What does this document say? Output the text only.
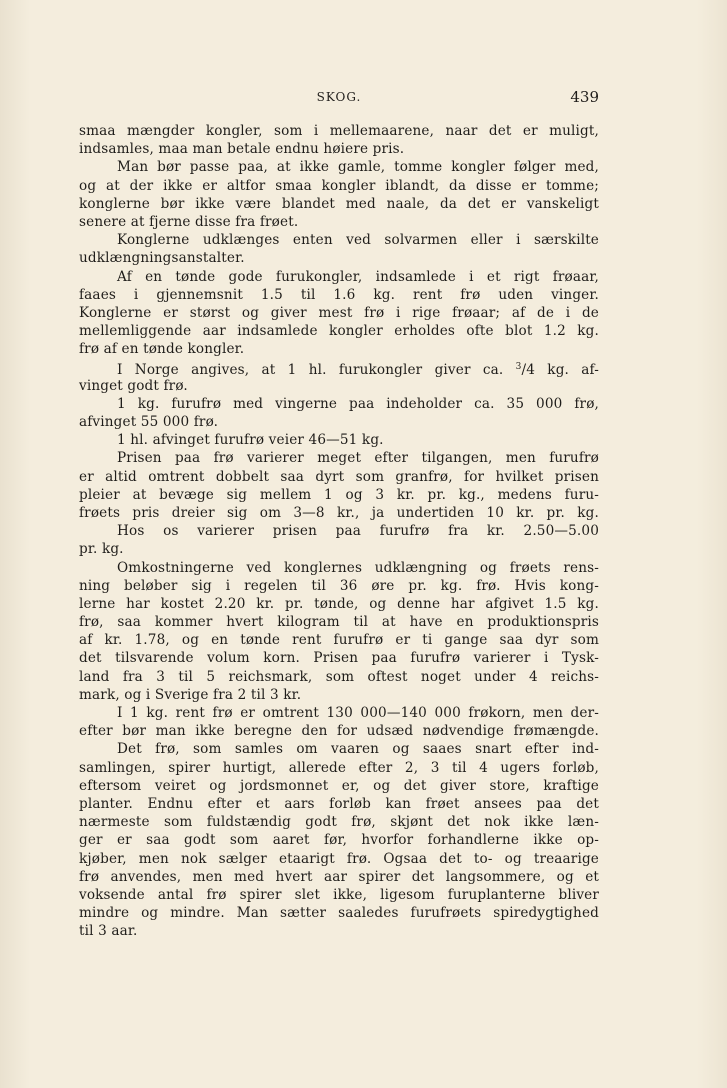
SKOG.	439
smaa mængder kongler, som i mellemaarene, naar det er muligt,
indsamles, maa man betale endnu høiere pris.
Man bør passe paa, at ikke gamle, tomme kongler følger med,
og at der ikke er altfor smaa kongler iblandt, da disse er tomme;
konglerne bør ikke være blandet med naale, da det er vanskeligt
senere at fjerne disse fra frøet.
Konglerne udklænges enten ved solvarmen eller i særskilte
udklængningsanstalter.
Af en tønde gode furukongler, indsamlede i et rigt frøaar,
faaes i gjennemsnit 1.5 til 1.6 kg. rent frø uden vinger.
Konglerne er størst og giver mest frø i rige frøaar; af de i de
mellemliggende aar indsamlede kongler erholdes ofte blot 1.2 kg.
frø af en tønde kongler.
I Norge angives, at 1 hl. furukongler giver ca. $^3$/4 kg. af-
vinget godt frø.
1 kg. furufrø med vingerne paa indeholder ca. 35 000 frø,
afvinget 55 000 frø.
1 hl. afvinget furufrø veier 46—51 kg.
Prisen paa frø varierer meget efter tilgangen, men furufrø
er altid omtrent dobbelt saa dyrt som granfrø, for hvilket prisen
pleier at bevæge sig mellem 1 og 3 kr. pr. kg., medens furu-
frøets pris dreier sig om 3—8 kr., ja undertiden 10 kr. pr. kg.
Hos os varierer prisen paa furufrø fra kr. 2.50—5.00
pr. kg.
Omkostningerne ved konglernes udklængning og frøets rens-
ning beløber sig i regelen til 36 øre pr. kg. frø. Hvis kong-
lerne har kostet 2.20 kr. pr. tønde, og denne har afgivet 1.5 kg.
frø, saa kommer hvert kilogram til at have en produktionspris
af kr. 1.78, og en tønde rent furufrø er ti gange saa dyr som
det tilsvarende volum korn. Prisen paa furufrø varierer i Tysk-
land fra 3 til 5 reichsmark, som oftest noget under 4 reichs-
mark, og i Sverige fra 2 til 3 kr.
I 1 kg. rent frø er omtrent 130 000—140 000 frøkorn, men der-
efter bør man ikke beregne den for udsæd nødvendige frømængde.
Det frø, som samles om vaaren og saaes snart efter ind-
samlingen, spirer hurtigt, allerede efter 2, 3 til 4 ugers forløb,
eftersom veiret og jordsmonnet er, og det giver store, kraftige
planter. Endnu efter et aars forløb kan frøet ansees paa det
nærmeste som fuldstændig godt frø, skjønt det nok ikke læn-
ger er saa godt som aaret før, hvorfor forhandlerne ikke op-
kjøber, men nok sælger etaarigt frø. Ogsaa det to- og treaarige
frø anvendes, men med hvert aar spirer det langsommere, og et
voksende antal frø spirer slet ikke, ligesom furuplanterne bliver
mindre og mindre. Man sætter saaledes furufrøets spiredygtighed
til 3 aar.
